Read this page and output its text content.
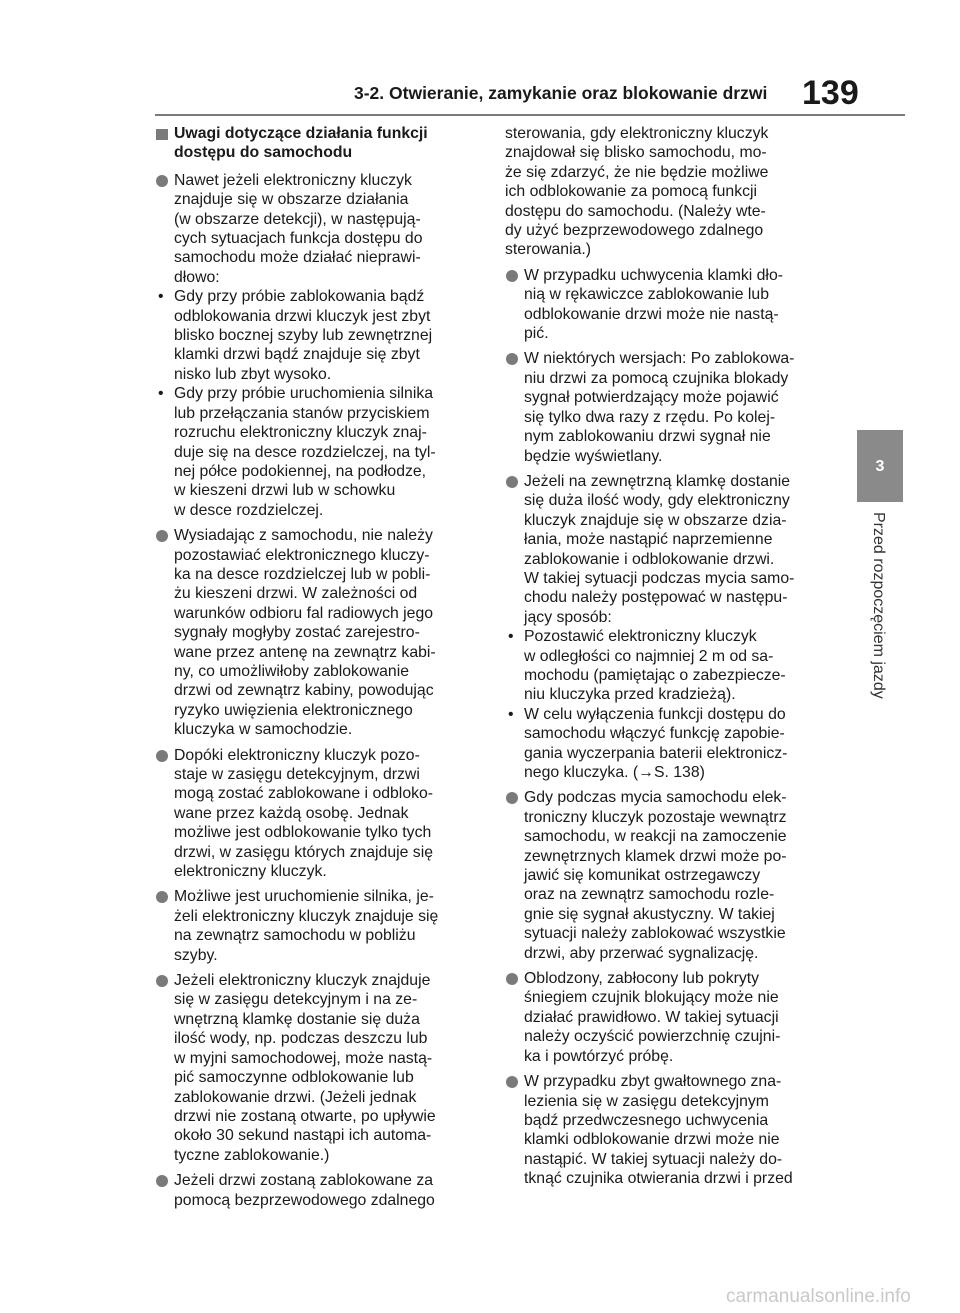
3-2. Otwieranie, zamykanie oraz blokowanie drzwi 139
3
Przed rozpoczęciem jazdy
Uwagi dotyczące działania funkcji
dostępu do samochodu
Nawet jeżeli elektroniczny kluczyk
znajduje się w obszarze działania
(w obszarze detekcji), w następują-
cych sytuacjach funkcja dostępu do
samochodu może działać nieprawi-
dłowo:
• Gdy przy próbie zablokowania bądź
odblokowania drzwi kluczyk jest zbyt
blisko bocznej szyby lub zewnętrznej
klamki drzwi bądź znajduje się zbyt
nisko lub zbyt wysoko.
• Gdy przy próbie uruchomienia silnika
lub przełączania stanów przyciskiem
rozruchu elektroniczny kluczyk znaj-
duje się na desce rozdzielczej, na tyl-
nej półce podokiennej, na podłodze,
w kieszeni drzwi lub w schowku
w desce rozdzielczej.
Wysiadając z samochodu, nie należy
pozostawiać elektronicznego kluczy-
ka na desce rozdzielczej lub w pobli-
żu kieszeni drzwi. W zależności od
warunków odbioru fal radiowych jego
sygnały mogłyby zostać zarejestro-
wane przez antenę na zewnątrz kabi-
ny, co umożliwiłoby zablokowanie
drzwi od zewnątrz kabiny, powodując
ryzyko uwięzienia elektronicznego
kluczyka w samochodzie.
Dopóki elektroniczny kluczyk pozo-
staje w zasięgu detekcyjnym, drzwi
mogą zostać zablokowane i odbloko-
wane przez każdą osobę. Jednak
możliwe jest odblokowanie tylko tych
drzwi, w zasięgu których znajduje się
elektroniczny kluczyk.
Możliwe jest uruchomienie silnika, je-
żeli elektroniczny kluczyk znajduje się
na zewnątrz samochodu w pobliżu
szyby.
Jeżeli elektroniczny kluczyk znajduje
się w zasięgu detekcyjnym i na ze-
wnętrzną klamkę dostanie się duża
ilość wody, np. podczas deszczu lub
w myjni samochodowej, może nastą-
pić samoczynne odblokowanie lub
zablokowanie drzwi. (Jeżeli jednak
drzwi nie zostaną otwarte, po upływie
około 30 sekund nastąpi ich automa-
tyczne zablokowanie.)
Jeżeli drzwi zostaną zablokowane za
pomocą bezprzewodowego zdalnego
sterowania, gdy elektroniczny kluczyk
znajdował się blisko samochodu, mo-
że się zdarzyć, że nie będzie możliwe
ich odblokowanie za pomocą funkcji
dostępu do samochodu. (Należy wte-
dy użyć bezprzewodowego zdalnego
sterowania.)
W przypadku uchwycenia klamki dło-
nią w rękawiczce zablokowanie lub
odblokowanie drzwi może nie nastą-
pić.
W niektórych wersjach: Po zablokowa-
niu drzwi za pomocą czujnika blokady
sygnał potwierdzający może pojawić
się tylko dwa razy z rzędu. Po kolej-
nym zablokowaniu drzwi sygnał nie
będzie wyświetlany.
Jeżeli na zewnętrzną klamkę dostanie
się duża ilość wody, gdy elektroniczny
kluczyk znajduje się w obszarze dzia-
łania, może nastąpić naprzemienne
zablokowanie i odblokowanie drzwi.
W takiej sytuacji podczas mycia samo-
chodu należy postępować w następu-
jący sposób:
• Pozostawić elektroniczny kluczyk
w odległości co najmniej 2 m od sa-
mochodu (pamiętając o zabezpiecze-
niu kluczyka przed kradzieżą).
• W celu wyłączenia funkcji dostępu do
samochodu włączyć funkcję zapobie-
gania wyczerpania baterii elektronicz-
nego kluczyka. (→S. 138)
Gdy podczas mycia samochodu elek-
troniczny kluczyk pozostaje wewnątrz
samochodu, w reakcji na zamoczenie
zewnętrznych klamek drzwi może po-
jawić się komunikat ostrzegawczy
oraz na zewnątrz samochodu rozle-
gnie się sygnał akustyczny. W takiej
sytuacji należy zablokować wszystkie
drzwi, aby przerwać sygnalizację.
Oblodzony, zabłocony lub pokryty
śniegiem czujnik blokujący może nie
działać prawidłowo. W takiej sytuacji
należy oczyścić powierzchnię czujni-
ka i powtórzyć próbę.
W przypadku zbyt gwałtownego zna-
lezienia się w zasięgu detekcyjnym
bądź przedwczesnego uchwycenia
klamki odblokowanie drzwi może nie
nastąpić. W takiej sytuacji należy do-
tknąć czujnika otwierania drzwi i przed
carmanualsonline.info
